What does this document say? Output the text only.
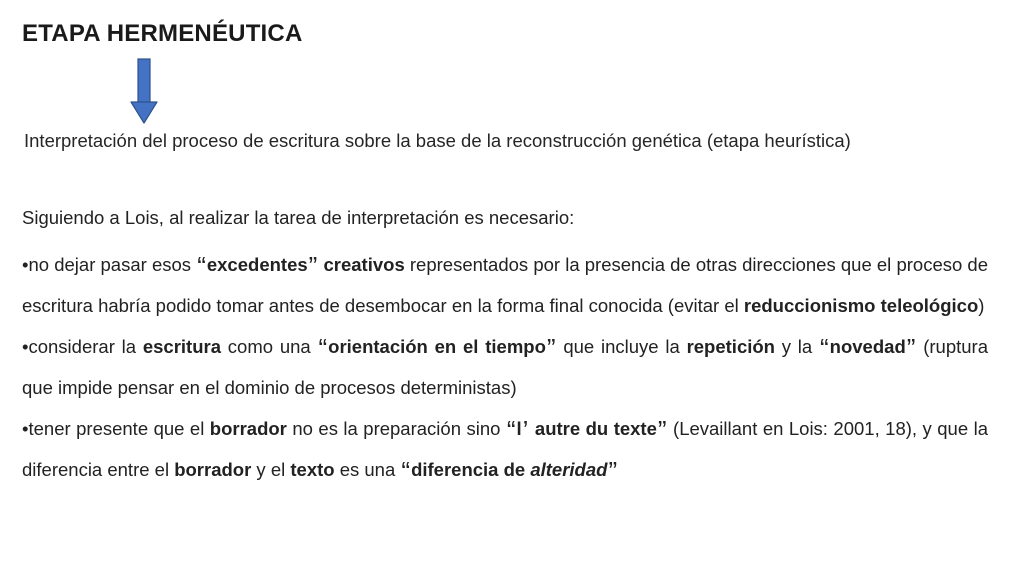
ETAPA HERMENÉUTICA
Interpretación del proceso de escritura sobre la base de la reconstrucción genética (etapa heurística)
Siguiendo a Lois, al realizar la tarea de interpretación es necesario:

•no dejar pasar esos “excedentes” creativos representados por la presencia de otras direcciones que el proceso de escritura habría podido tomar antes de desembocar en la forma final conocida (evitar el reduccionismo teleológico)

•considerar la escritura como una “orientación en el tiempo” que incluye la repetición y la “novedad” (ruptura que impide pensar en el dominio de procesos deterministas)

•tener presente que el borrador no es la preparación sino “l’ autre du texte” (Levaillant en Lois: 2001, 18), y que la diferencia entre el borrador y el texto es una “diferencia de alteridad”
